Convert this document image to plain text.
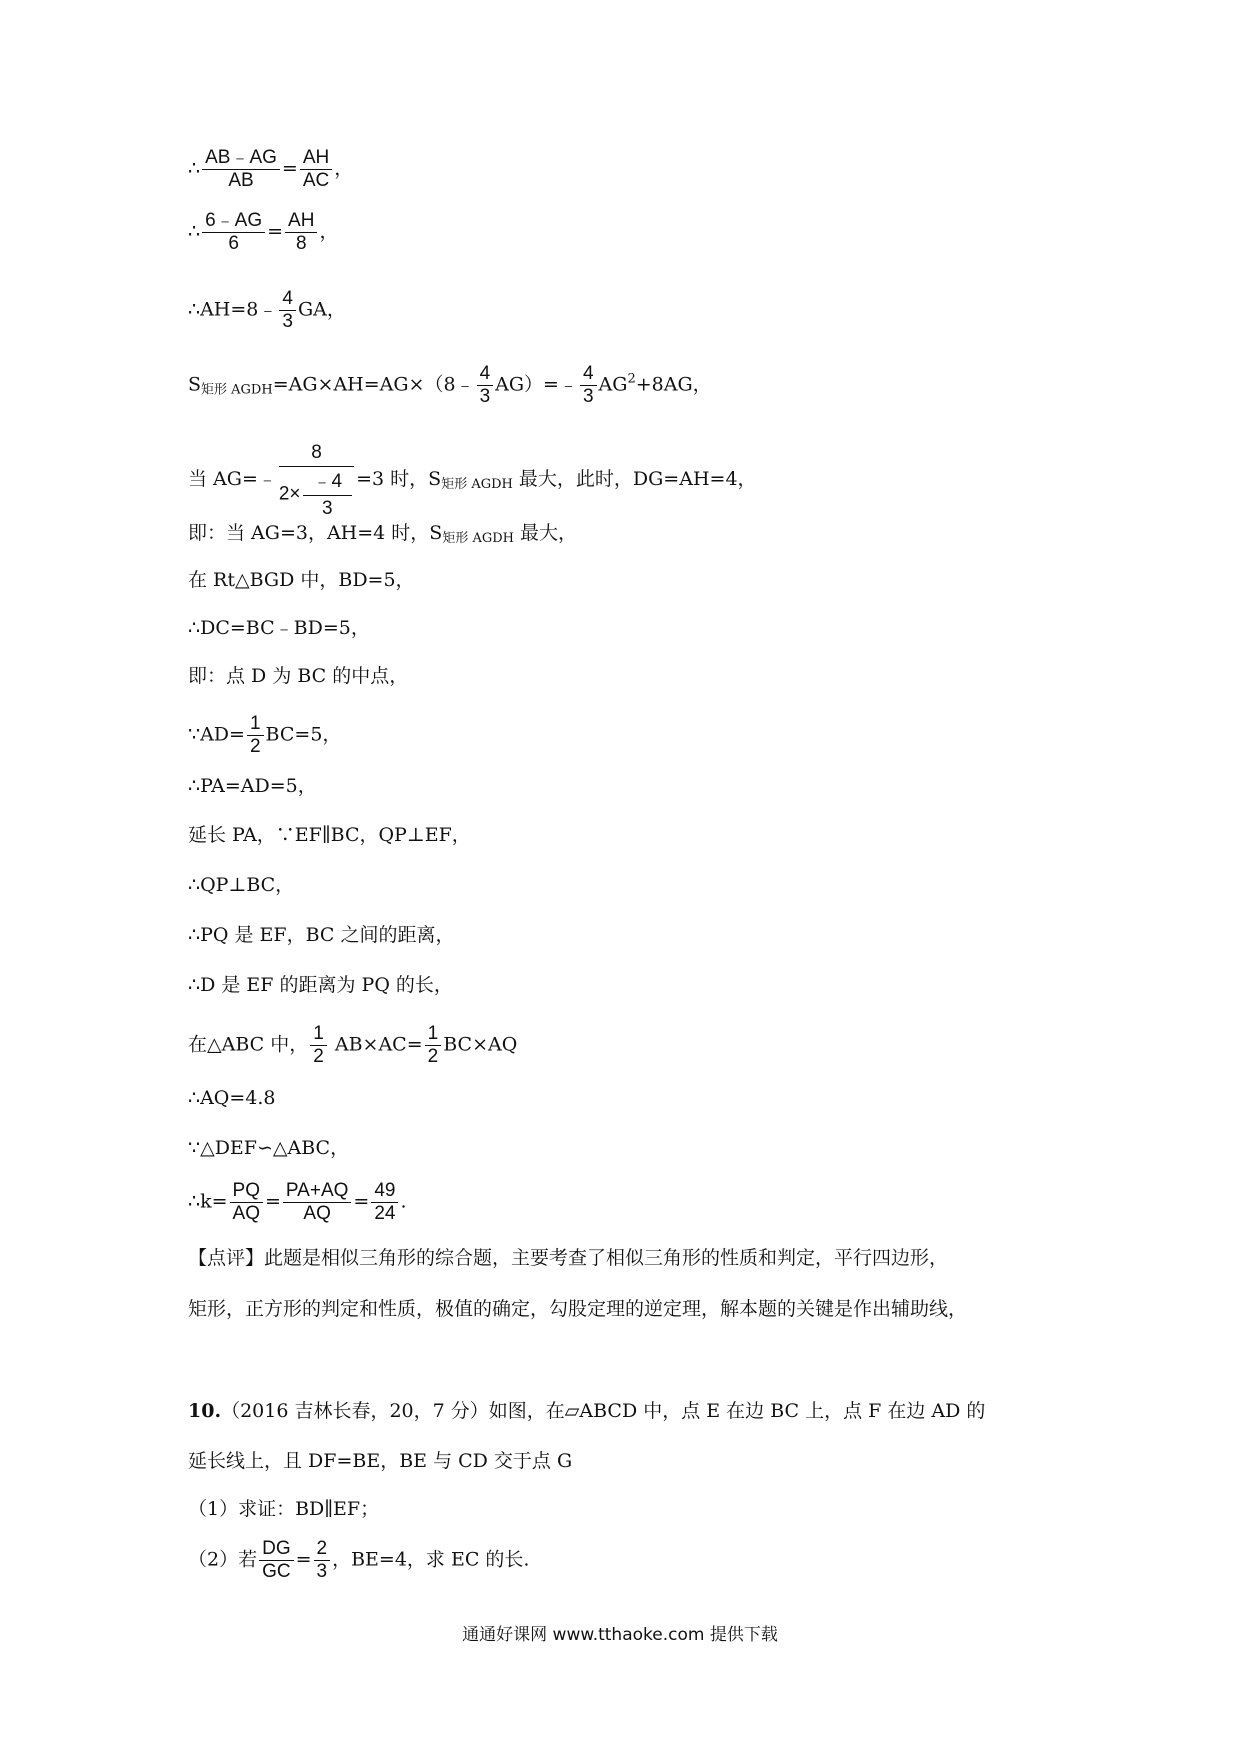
∴ $\frac{AB﹣AG}{AB} = \frac{AH}{AC}$ ，
∴ $\frac{6﹣AG}{6} = \frac{AH}{8}$ ，
∴AH=8﹣ $\frac{4}{3}$ GA，
$S_{矩形 AGDH}=AG\times AH=AG\times(8﹣ \frac{4}{3}$ AG）=﹣ $\frac{4}{3} AG^2+8AG$，
当 AG=﹣ $\frac{8}{2\times \frac{﹣4}{3}} =3$ 时，$S_{矩形 AGDH}$ 最大，此时，DG=AH=4，
即：当 AG=3，AH=4 时，$S_{矩形 AGDH}$ 最大，
在 Rt△BGD 中，BD=5，
∴DC=BC﹣BD=5，
即：点 D 为 BC 的中点，
∵AD= $\frac{1}{2} BC=5$，
∴PA=AD=5，
延长 PA，∵EF∥BC，QP⊥EF，
∴QP⊥BC，
∴PQ 是 EF，BC 之间的距离，
∴D 是 EF 的距离为 PQ 的长，
在△ABC 中， $\frac{1}{2} AB\times AC= \frac{1}{2} BC\times AQ$
∴AQ=4.8
∵△DEF∽△ABC，
∴k= $\frac{PQ}{AQ} = \frac{PA+AQ}{AQ} = \frac{49}{24}$ .
【点评】此题是相似三角形的综合题，主要考查了相似三角形的性质和判定，平行四边形，
矩形，正方形的判定和性质，极值的确定，勾股定理的逆定理，解本题的关键是作出辅助线，
10.（2016 吉林长春，20，7 分）如图，在▱ABCD 中，点 E 在边 BC 上，点 F 在边 AD 的
延长线上，且 DF=BE，BE 与 CD 交于点 G
（1）求证：BD∥EF；
（2）若 $\frac{DG}{GC} = \frac{2}{3}$ ，BE=4，求 EC 的长.
通通好课网 www.tthaoke.com 提供下载
